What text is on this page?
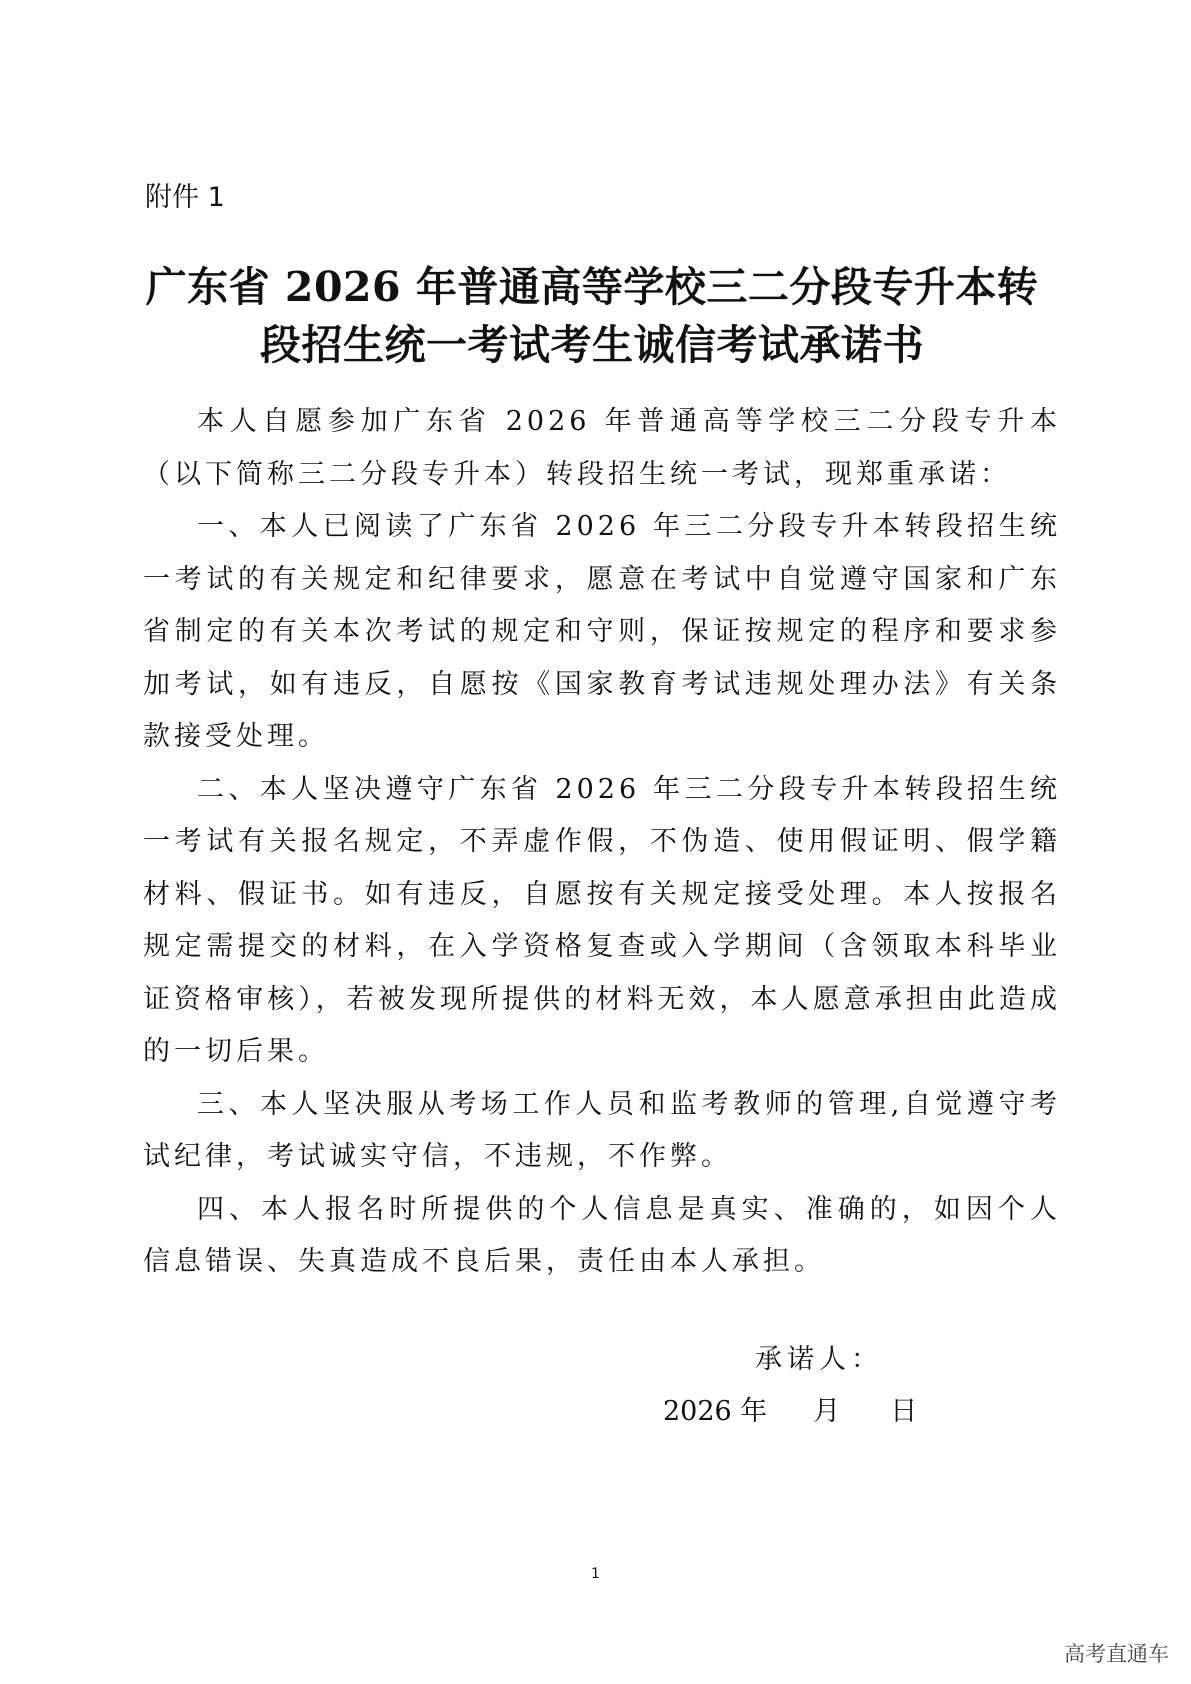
附件 1
广东省 2026 年普通高等学校三二分段专升本转
段招生统一考试考生诚信考试承诺书

本人自愿参加广东省 2026 年普通高等学校三二分段专升本（以下简称三二分段专升本）转段招生统一考试，现郑重承诺：

一、本人已阅读了广东省 2026 年三二分段专升本转段招生统一考试的有关规定和纪律要求，愿意在考试中自觉遵守国家和广东省制定的有关本次考试的规定和守则，保证按规定的程序和要求参加考试，如有违反，自愿按《国家教育考试违规处理办法》有关条款接受处理。

二、本人坚决遵守广东省 2026 年三二分段专升本转段招生统一考试有关报名规定，不弄虚作假，不伪造、使用假证明、假学籍材料、假证书。如有违反，自愿按有关规定接受处理。本人按报名规定需提交的材料，在入学资格复查或入学期间（含领取本科毕业证资格审核），若被发现所提供的材料无效，本人愿意承担由此造成的一切后果。

三、本人坚决服从考场工作人员和监考教师的管理,自觉遵守考试纪律，考试诚实守信，不违规，不作弊。

四、本人报名时所提供的个人信息是真实、准确的，如因个人信息错误、失真造成不良后果，责任由本人承担。

承诺人：
2026 年 月 日
1
高考直通车
